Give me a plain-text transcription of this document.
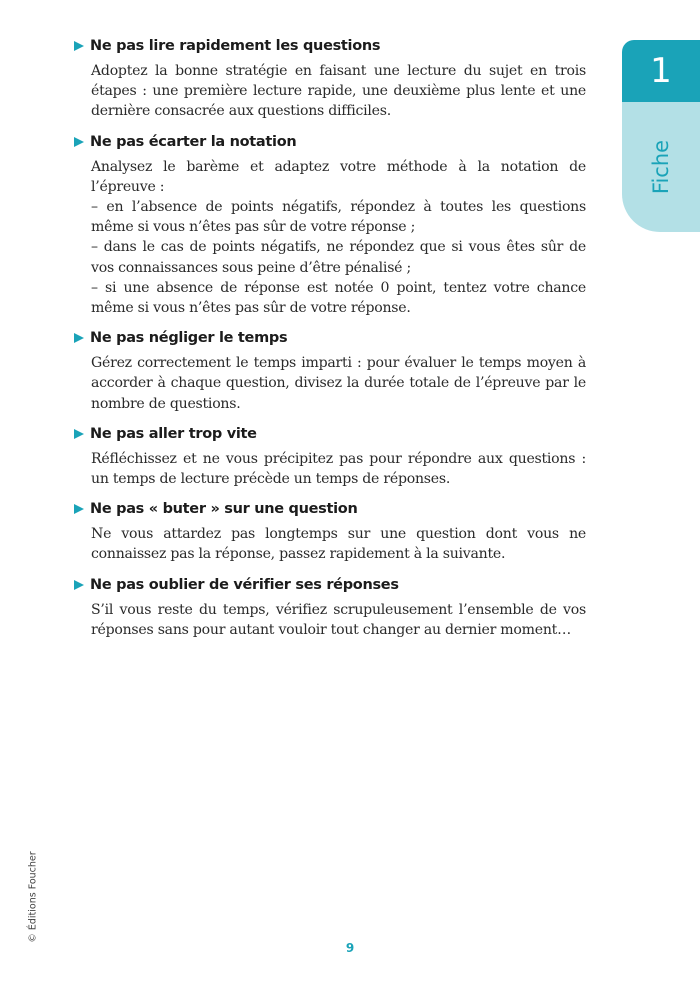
1
Fiche
Ne pas lire rapidement les questions

Adoptez la bonne stratégie en faisant une lecture du sujet en trois étapes : une première lecture rapide, une deuxième plus lente et une dernière consacrée aux questions difficiles.

Ne pas écarter la notation

Analysez le barème et adaptez votre méthode à la notation de l’épreuve :

– en l’absence de points négatifs, répondez à toutes les questions même si vous n’êtes pas sûr de votre réponse ;

– dans le cas de points négatifs, ne répondez que si vous êtes sûr de vos connaissances sous peine d’être pénalisé ;

– si une absence de réponse est notée 0 point, tentez votre chance même si vous n’êtes pas sûr de votre réponse.

Ne pas négliger le temps

Gérez correctement le temps imparti : pour évaluer le temps moyen à accorder à chaque question, divisez la durée totale de l’épreuve par le nombre de questions.

Ne pas aller trop vite

Réfléchissez et ne vous précipitez pas pour répondre aux questions : un temps de lecture précède un temps de réponses.

Ne pas « buter » sur une question

Ne vous attardez pas longtemps sur une question dont vous ne connaissez pas la réponse, passez rapidement à la suivante.

Ne pas oublier de vérifier ses réponses

S’il vous reste du temps, vérifiez scrupuleusement l’ensemble de vos réponses sans pour autant vouloir tout changer au dernier moment…

© Éditions Foucher
9
